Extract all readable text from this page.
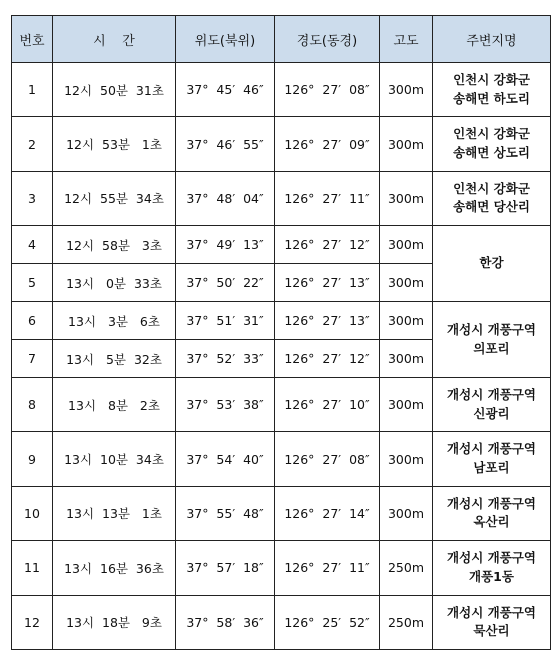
번호	시    간	위도(북위)	경도(동경)	고도	주변지명
1	12시  50분  31초	37°  45′  46″	126°  27′  08″	300m	인천시 강화군
송해면 하도리

2	12시  53분   1초	37°  46′  55″	126°  27′  09″	300m	인천시 강화군
송해면 상도리

3	12시  55분  34초	37°  48′  04″	126°  27′  11″	300m	인천시 강화군
송해면 당산리

4	12시  58분   3초	37°  49′  13″	126°  27′  12″	300m	한강

5	13시   0분  33초	37°  50′  22″	126°  27′  13″	300m	
6	13시   3분   6초	37°  51′  31″	126°  27′  13″	300m	개성시 개풍구역
의포리

7	13시   5분  32초	37°  52′  33″	126°  27′  12″	300m	
8	13시   8분   2초	37°  53′  38″	126°  27′  10″	300m	개성시 개풍구역
신광리

9	13시  10분  34초	37°  54′  40″	126°  27′  08″	300m	개성시 개풍구역
남포리

10	13시  13분   1초	37°  55′  48″	126°  27′  14″	300m	개성시 개풍구역
옥산리

11	13시  16분  36초	37°  57′  18″	126°  27′  11″	250m	개성시 개풍구역
개풍1동

12	13시  18분   9초	37°  58′  36″	126°  25′  52″	250m	개성시 개풍구역
묵산리
